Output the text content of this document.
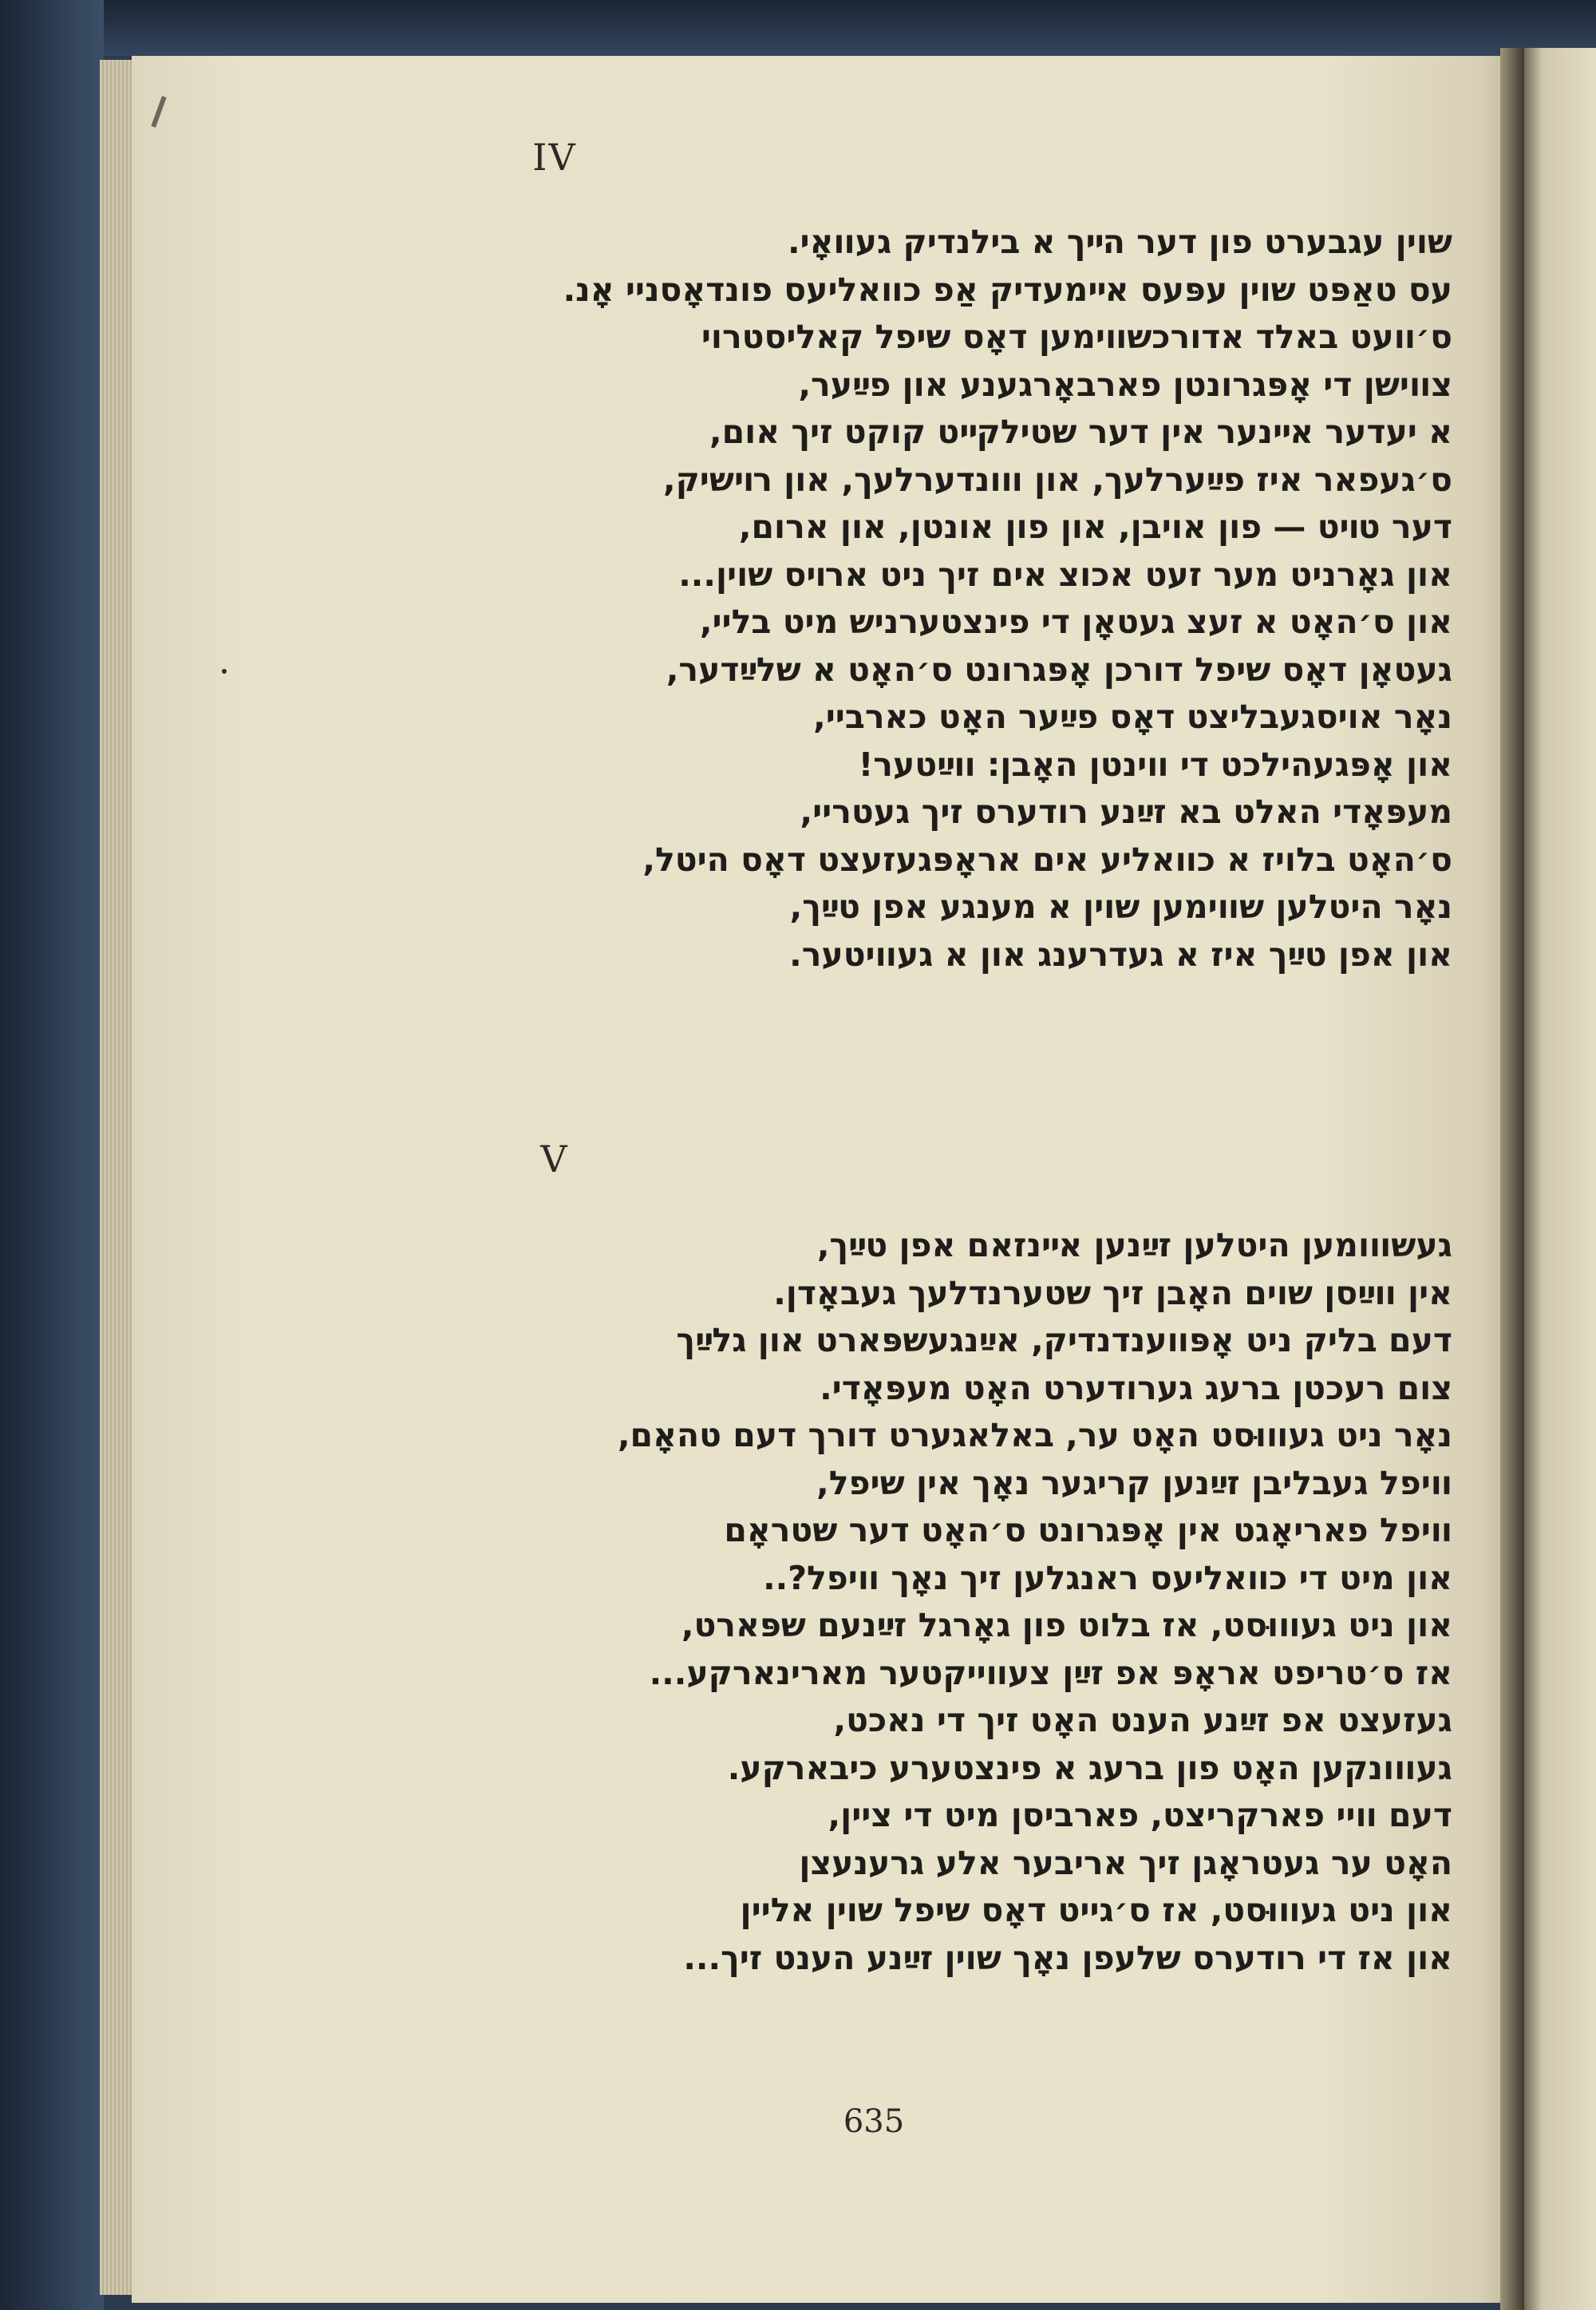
IV
שוין עגבערט פון דער הײך א בילנדיק געװאָי.
עס טאַפּט שוין עפּעס אײמעדיק אַפ כװאליעס פונדאָסניי אָנ.
ס׳װעט באלד אדורכשװימען דאָס שיפל קאליסטרוי
צװישן די אָפּגרונטן פארבאָרגענע און פײַער,
א יעדער אײנער אין דער שטילקײט קוקט זיך אום,
ס׳געפאר איז פײַערלעך, און װונדערלעך, און רױשיק,
דער טױט — פון אויבן, און פון אונטן, און ארום,
און גאָרניט מער זעט אכוצ אים זיך ניט ארױס שוין...
און ס׳האָט א זעצ געטאָן די פינצטערניש מיט בליי,
געטאָן דאָס שיפל דורכן אָפּגרונט ס׳האָט א שלײַדער,
נאָר אויסגעבליצט דאָס פײַער האָט כארביי,
און אָפּגעהילכט די װינטן האָבן: װײַטער!
מעפּאָדי האלט בא זײַנע רודערס זיך געטריי,
ס׳האָט בלויז א כװאליע אים אראָפּגעזעצט דאָס היטל,
נאָר היטלען שװימען שוין א מענגע אפן טײַך,
און אפן טײַך איז א געדרענג און א געװיטער.
V
געשװומען היטלען זײַנען אײנזאם אפן טײַך,
אין װײַסן שוים האָבן זיך שטערנדלעך געבאָדן.
דעם בליק ניט אָפּװענדנדיק, אײַנגעשפּארט און גלײַך
צום רעכטן ברעג גערודערט האָט מעפּאָדי.
נאָר ניט געװוּסט האָט ער, באלאגערט דורך דעם טהאָם,
װיפל געבליבן זײַנען קריגער נאָך אין שיפל,
װיפל פאריאָגט אין אָפּגרונט ס׳האָט דער שטראָם
און מיט די כװאליעס ראנגלען זיך נאָך װיפל?..
און ניט געװוּסט, אז בלוט פון גאָרגל זײַנעם שפּארט,
אז ס׳טריפט אראָפּ אפ זײַן צעװייקטער מארינארקע...
געזעצט אפ זײַנע הענט האָט זיך די נאכט,
געװונקען האָט פון ברעג א פינצטערע כיבארקע.
דעם װיי פארקריצט, פארביסן מיט די ציין,
האָט ער געטראָגן זיך אריבער אלע גרענעצן
און ניט געװוּסט, אז ס׳גייט דאָס שיפל שוין אליין
און אז די רודערס שלעפן נאָך שוין זײַנע הענט זיך...
635
